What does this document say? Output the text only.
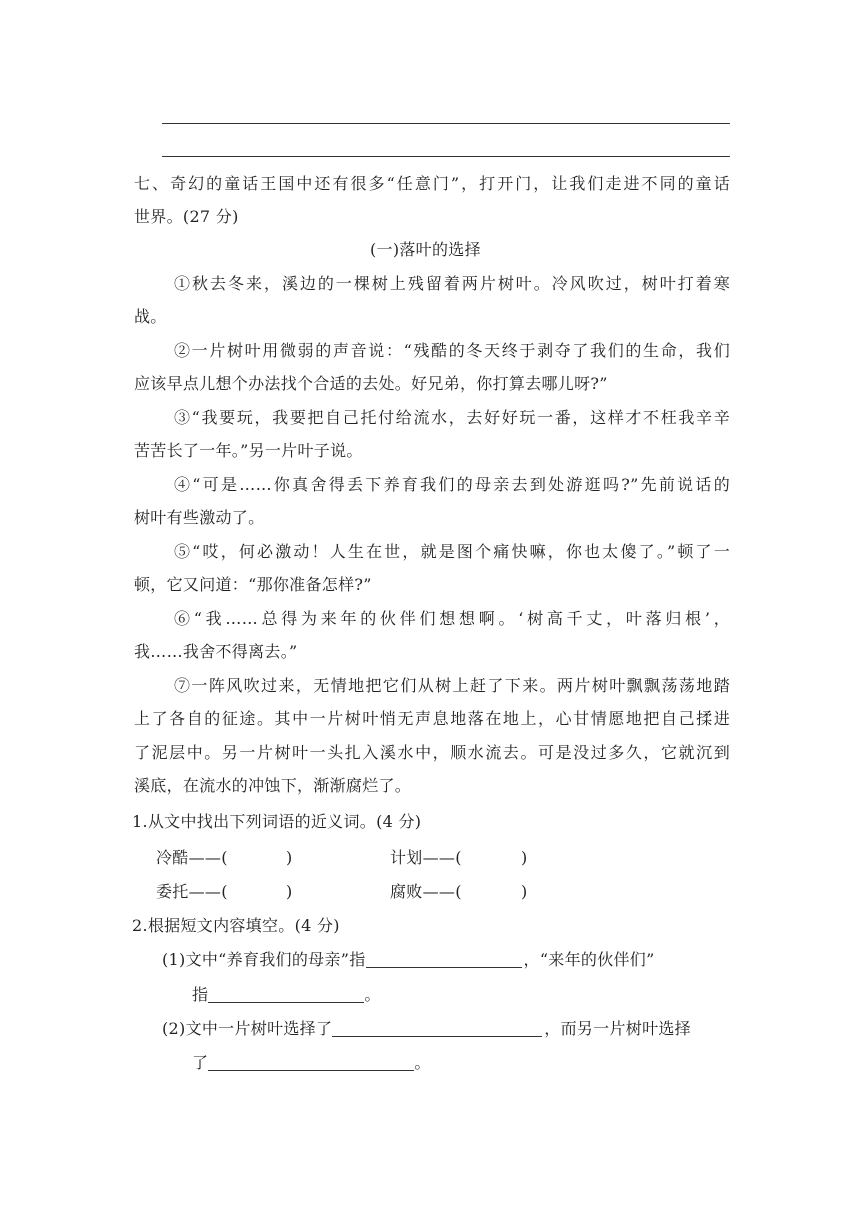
七、奇幻的童话王国中还有很多“任意门”，打开门，让我们走进不同的童话
世界。(27 分)
(一)落叶的选择
①秋去冬来，溪边的一棵树上残留着两片树叶。冷风吹过，树叶打着寒
战。
②一片树叶用微弱的声音说：“残酷的冬天终于剥夺了我们的生命，我们
应该早点儿想个办法找个合适的去处。好兄弟，你打算去哪儿呀?”
③“我要玩，我要把自己托付给流水，去好好玩一番，这样才不枉我辛辛
苦苦长了一年。”另一片叶子说。
④“可是……你真舍得丢下养育我们的母亲去到处游逛吗?”先前说话的
树叶有些激动了。
⑤“哎，何必激动！人生在世，就是图个痛快嘛，你也太傻了。”顿了一
顿，它又问道：“那你准备怎样?”
⑥“我……总得为来年的伙伴们想想啊。‘树高千丈，叶落归根’，
我……我舍不得离去。”
⑦一阵风吹过来，无情地把它们从树上赶了下来。两片树叶飘飘荡荡地踏
上了各自的征途。其中一片树叶悄无声息地落在地上，心甘情愿地把自己揉进
了泥层中。另一片树叶一头扎入溪水中，顺水流去。可是没过多久，它就沉到
溪底，在流水的冲蚀下，渐渐腐烂了。
1.从文中找出下列词语的近义词。(4 分)
冷酷——(	)	计划——(	)
委托——(	)	腐败——(	)
2.根据短文内容填空。(4 分)
(1)文中“养育我们的母亲”指	，“来年的伙伴们”
指	。
(2)文中一片树叶选择了	，而另一片树叶选择
了	。
